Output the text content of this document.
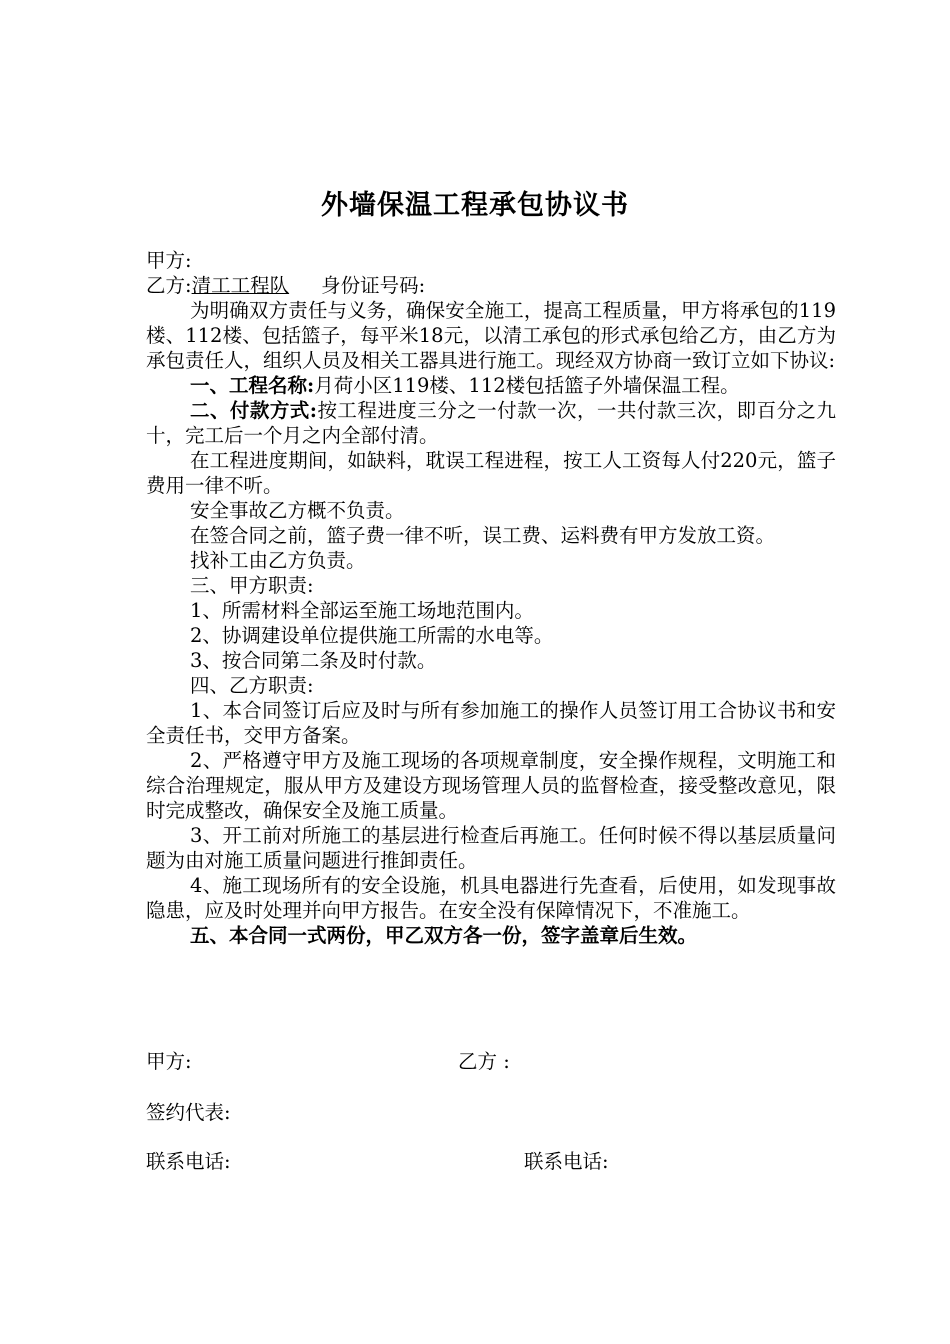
外墙保温工程承包协议书
甲方:
乙方:清工工程队 身份证号码:
为明确双方责任与义务，确保安全施工，提高工程质量，甲方将承包的119楼、112楼、包括篮子，每平米18元，以清工承包的形式承包给乙方，由乙方为承包责任人，组织人员及相关工器具进行施工。现经双方协商一致订立如下协议:
一、工程名称:月荷小区119楼、112楼包括篮子外墙保温工程。
二、付款方式:按工程进度三分之一付款一次，一共付款三次，即百分之九十，完工后一个月之内全部付清。
在工程进度期间，如缺料，耽误工程进程，按工人工资每人付220元，篮子费用一律不听。
安全事故乙方概不负责。
在签合同之前，篮子费一律不听，误工费、运料费有甲方发放工资。
找补工由乙方负责。
三、甲方职责:
1、所需材料全部运至施工场地范围内。
2、协调建设单位提供施工所需的水电等。
3、按合同第二条及时付款。
四、乙方职责:
1、本合同签订后应及时与所有参加施工的操作人员签订用工合协议书和安全责任书，交甲方备案。
2、严格遵守甲方及施工现场的各项规章制度，安全操作规程，文明施工和综合治理规定，服从甲方及建设方现场管理人员的监督检查，接受整改意见，限时完成整改，确保安全及施工质量。
3、开工前对所施工的基层进行检查后再施工。任何时候不得以基层质量问题为由对施工质量问题进行推卸责任。
4、施工现场所有的安全设施，机具电器进行先查看，后使用，如发现事故隐患，应及时处理并向甲方报告。在安全没有保障情况下，不准施工。
五、本合同一式两份，甲乙双方各一份，签字盖章后生效。
甲方:	乙方 :
签约代表:
联系电话:	联系电话:
